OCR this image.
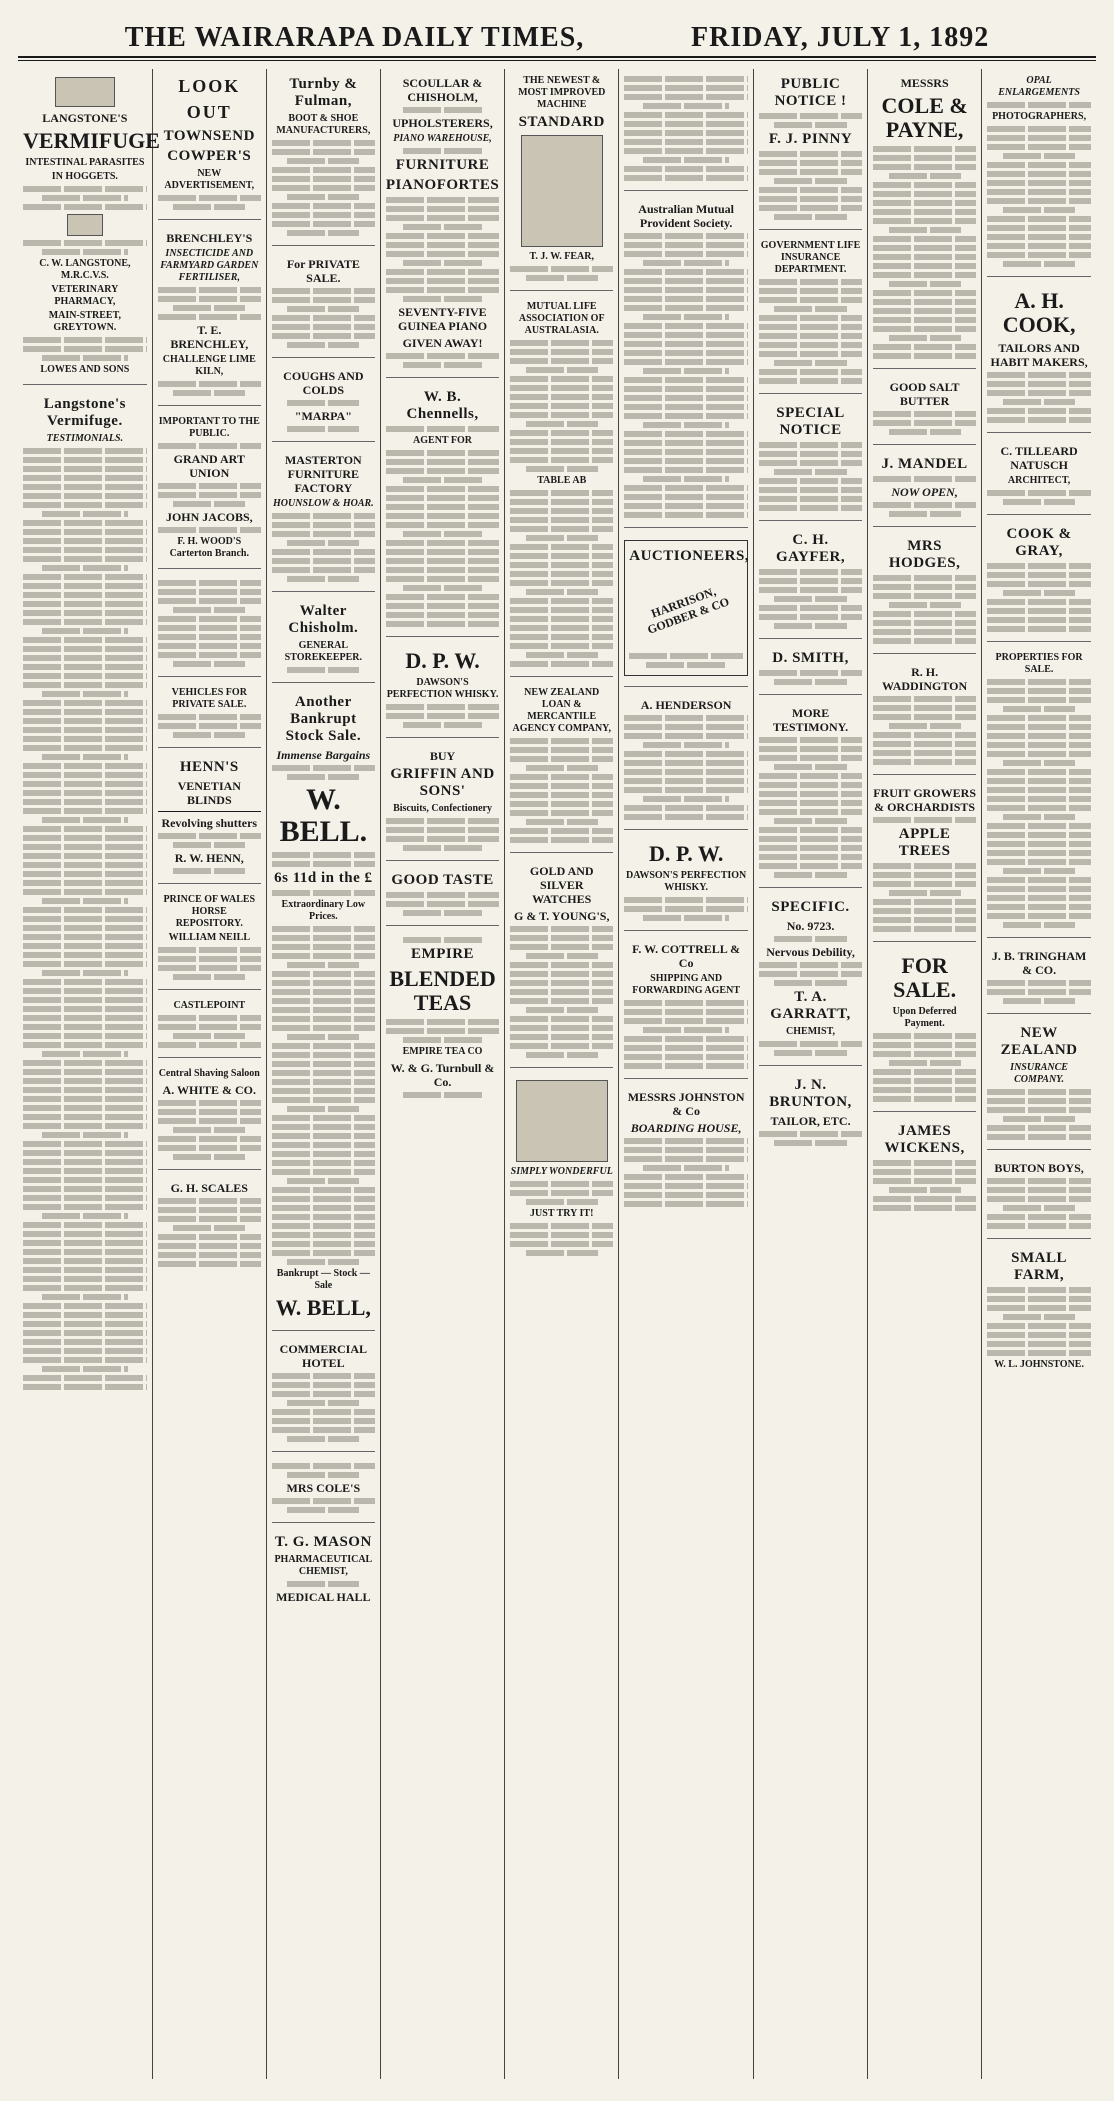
THE WAIRARAPA DAILY TIMES,	FRIDAY, JULY 1, 1892
LANGSTONE'S
VERMIFUGE
INTESTINAL PARASITES
IN HOGGETS.
C. W. LANGSTONE, M.R.C.V.S.
VETERINARY PHARMACY,
MAIN-STREET, GREYTOWN.
LOWES AND SONS
Langstone's Vermifuge.
TESTIMONIALS.
LOOK OUT
TOWNSEND
COWPER'S
NEW ADVERTISEMENT,
BRENCHLEY'S
INSECTICIDE AND FARMYARD GARDEN FERTILISER,
T. E. BRENCHLEY,
CHALLENGE LIME KILN,
IMPORTANT TO THE PUBLIC.
GRAND ART UNION
JOHN JACOBS,
F. H. WOOD'S Carterton Branch.
VEHICLES FOR PRIVATE SALE.
HENN'S
VENETIAN BLINDS
Revolving shutters
R. W. HENN,
PRINCE OF WALES HORSE REPOSITORY.
WILLIAM NEILL
CASTLEPOINT
Central Shaving Saloon
A. WHITE & CO.
G. H. SCALES
Turnby & Fulman,
BOOT & SHOE MANUFACTURERS,
For PRIVATE SALE.
COUGHS AND COLDS
"MARPA"
MASTERTON FURNITURE FACTORY
HOUNSLOW & HOAR.
Walter Chisholm.
GENERAL STOREKEEPER.
Another Bankrupt Stock Sale.
Immense Bargains
W. BELL.
6s 11d in the £
Extraordinary Low Prices.
Bankrupt — Stock — Sale
W. BELL,
COMMERCIAL HOTEL
MRS COLE'S
T. G. MASON
PHARMACEUTICAL CHEMIST,
MEDICAL HALL
SCOULLAR & CHISHOLM,
UPHOLSTERERS,
PIANO WAREHOUSE,
FURNITURE
PIANOFORTES
SEVENTY-FIVE GUINEA PIANO
GIVEN AWAY!
W. B. Chennells,
AGENT FOR
D. P. W.
DAWSON'S PERFECTION WHISKY.
BUY
GRIFFIN AND SONS'
Biscuits, Confectionery
GOOD TASTE
EMPIRE
BLENDED TEAS
EMPIRE TEA CO
W. & G. Turnbull & Co.
THE NEWEST & MOST IMPROVED MACHINE
STANDARD
T. J. W. FEAR,
MUTUAL LIFE ASSOCIATION OF AUSTRALASIA.
TABLE AB
NEW ZEALAND LOAN & MERCANTILE AGENCY COMPANY,
GOLD AND SILVER WATCHES
G & T. YOUNG'S,
SIMPLY WONDERFUL
JUST TRY IT!
Australian Mutual Provident Society.
AUCTIONEERS,
HARRISON, GODBER & CO
A. HENDERSON
D. P. W.
DAWSON'S PERFECTION WHISKY.
F. W. COTTRELL & Co
SHIPPING AND FORWARDING AGENT
MESSRS JOHNSTON & Co
BOARDING HOUSE,
PUBLIC NOTICE !
F. J. PINNY
GOVERNMENT LIFE INSURANCE DEPARTMENT.
SPECIAL NOTICE
C. H. GAYFER,
D. SMITH,
MORE TESTIMONY.
SPECIFIC.
No. 9723.
Nervous Debility,
T. A. GARRATT,
CHEMIST,
J. N. BRUNTON,
TAILOR, ETC.
MESSRS
COLE & PAYNE,
GOOD SALT BUTTER
J. MANDEL
NOW OPEN,
MRS HODGES,
R. H. WADDINGTON
FRUIT GROWERS & ORCHARDISTS
APPLE TREES
FOR SALE.
Upon Deferred Payment.
JAMES WICKENS,
OPAL ENLARGEMENTS
PHOTOGRAPHERS,
A. H. COOK,
TAILORS AND HABIT MAKERS,
C. TILLEARD NATUSCH
ARCHITECT,
COOK & GRAY,
PROPERTIES FOR SALE.
J. B. TRINGHAM & CO.
NEW ZEALAND
INSURANCE COMPANY.
BURTON BOYS,
SMALL FARM,
W. L. JOHNSTONE.
